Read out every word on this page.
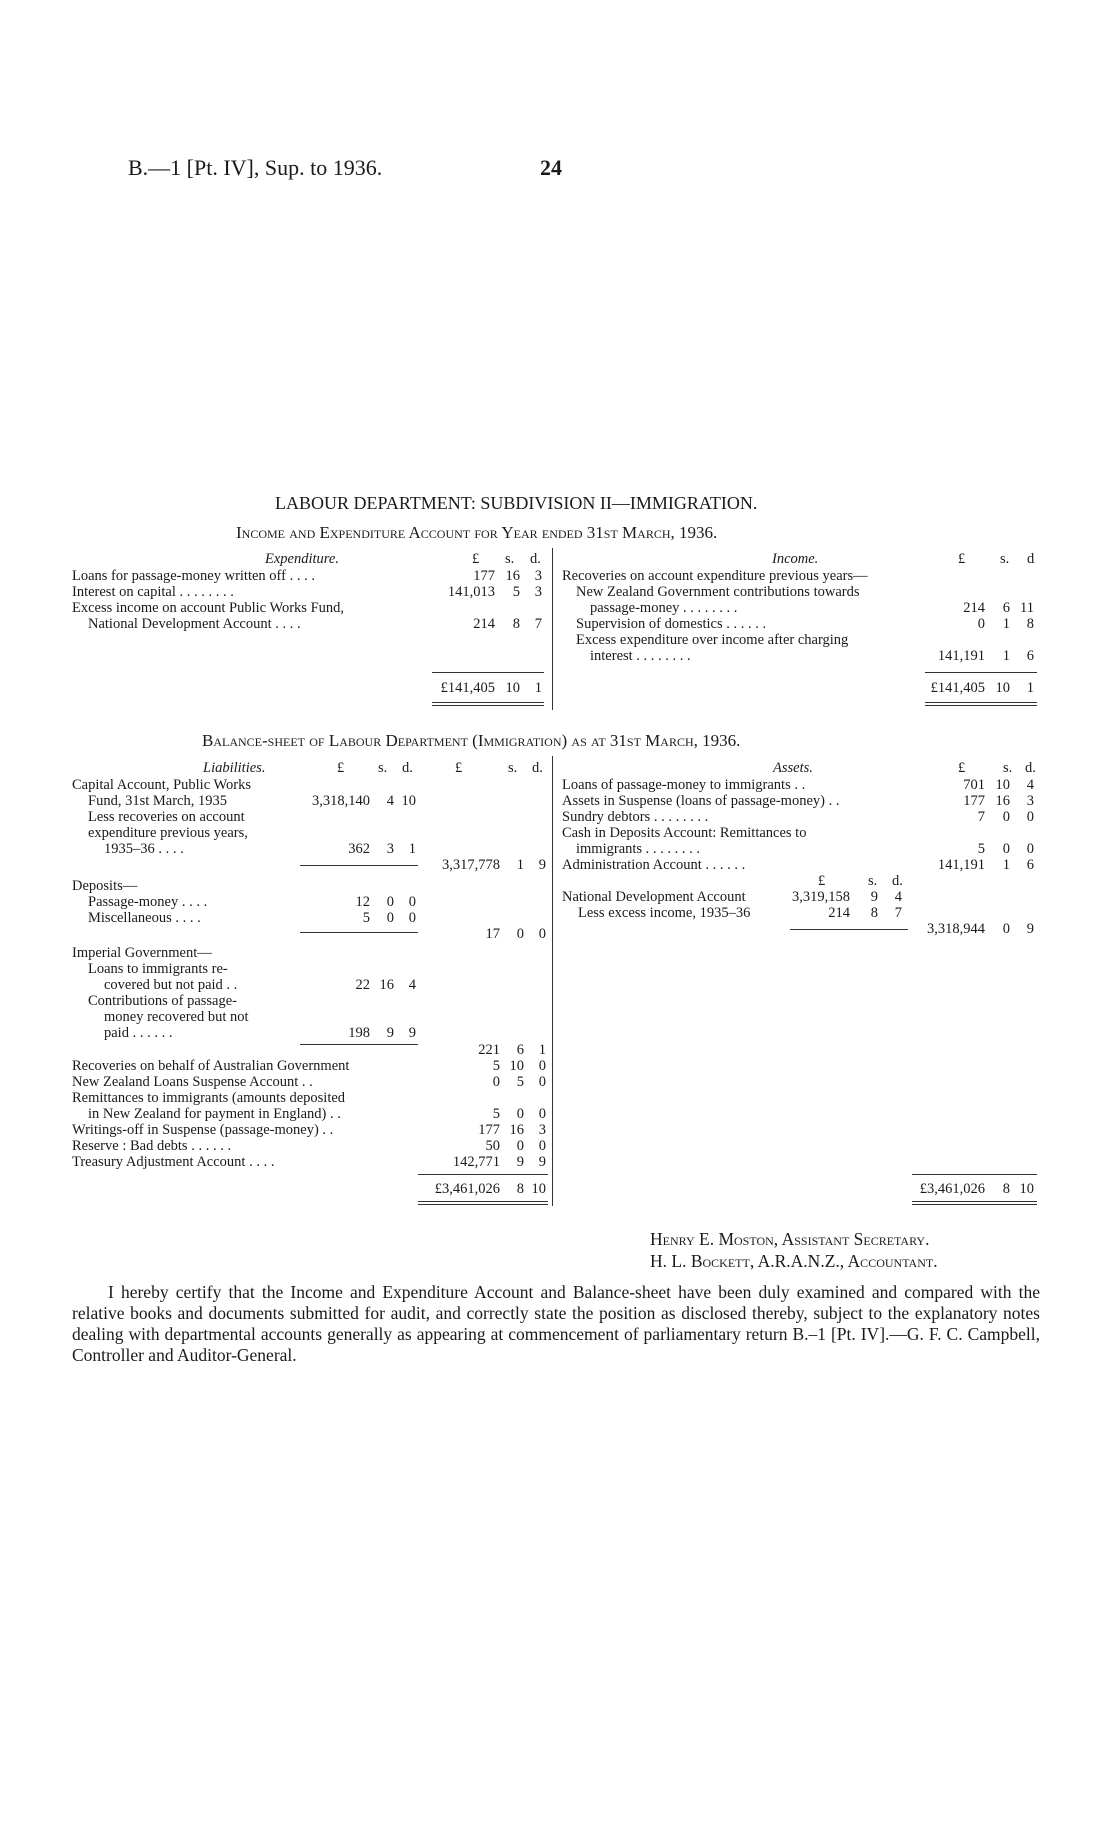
B.—1 [Pt. IV], Sup. to 1936.	24
LABOUR DEPARTMENT: SUBDIVISION II—IMMIGRATION.
Income and Expenditure Account for Year ended 31st March, 1936.
Expenditure.	£ s. d.
Loans for passage-money written off . . . .	177 16	3
Interest on capital . . . . . . . .	141,013	5	3
Excess income on account Public Works Fund,
National Development Account . . . .	214	8	7
£141,405 10	1
Income.	£ s. d
Recoveries on account expenditure previous years—
New Zealand Government contributions towards
passage-money . . . . . . . .	214	6 11
Supervision of domestics . . . . . .	0	1	8
Excess expenditure over income after charging
interest . . . . . . . .	141,191	1	6
£141,405 10	1
Balance-sheet of Labour Department (Immigration) as at 31st March, 1936.
Liabilities.	£ s. d.	£	s. d.
Capital Account, Public Works
Fund, 31st March, 1935	3,318,140	4 10
Less recoveries on account
expenditure previous years,
1935–36 . . . .	362	3	1
3,317,778	1	9
Deposits—
Passage-money . . . .	12	0	0
Miscellaneous . . . .	5	0	0
17	0	0
Imperial Government—
Loans to immigrants re-
covered but not paid . .	22 16	4
Contributions of passage-
money recovered but not
paid . . . . . .	198	9	9
221	6	1
Recoveries on behalf of Australian Government	5 10	0
New Zealand Loans Suspense Account . .	0	5	0
Remittances to immigrants (amounts deposited
in New Zealand for payment in England) . .	5	0	0
Writings-off in Suspense (passage-money) . .	177 16	3
Reserve : Bad debts . . . . . .	50	0	0
Treasury Adjustment Account . . . .	142,771	9	9
£3,461,026	8 10
Assets.	£	s. d.
Loans of passage-money to immigrants . .	701 10	4
Assets in Suspense (loans of passage-money) . .	177 16	3
Sundry debtors . . . . . . . .	7	0	0
Cash in Deposits Account: Remittances to
immigrants . . . . . . . .	5	0	0
Administration Account . . . . . .	141,191	1	6
£	s. d.
National Development Account	3,319,158	9	4
Less excess income, 1935–36	214	8	7
3,318,944	0	9
£3,461,026	8 10
Henry E. Moston, Assistant Secretary.
H. L. Bockett, A.R.A.N.Z., Accountant.
I hereby certify that the Income and Expenditure Account and Balance-sheet have been duly examined and compared with the relative books and documents submitted for audit, and correctly state the position as disclosed thereby, subject to the explanatory notes dealing with departmental accounts generally as appearing at commencement of parliamentary return B.–1 [Pt. IV].—G. F. C. Campbell, Controller and Auditor-General.
